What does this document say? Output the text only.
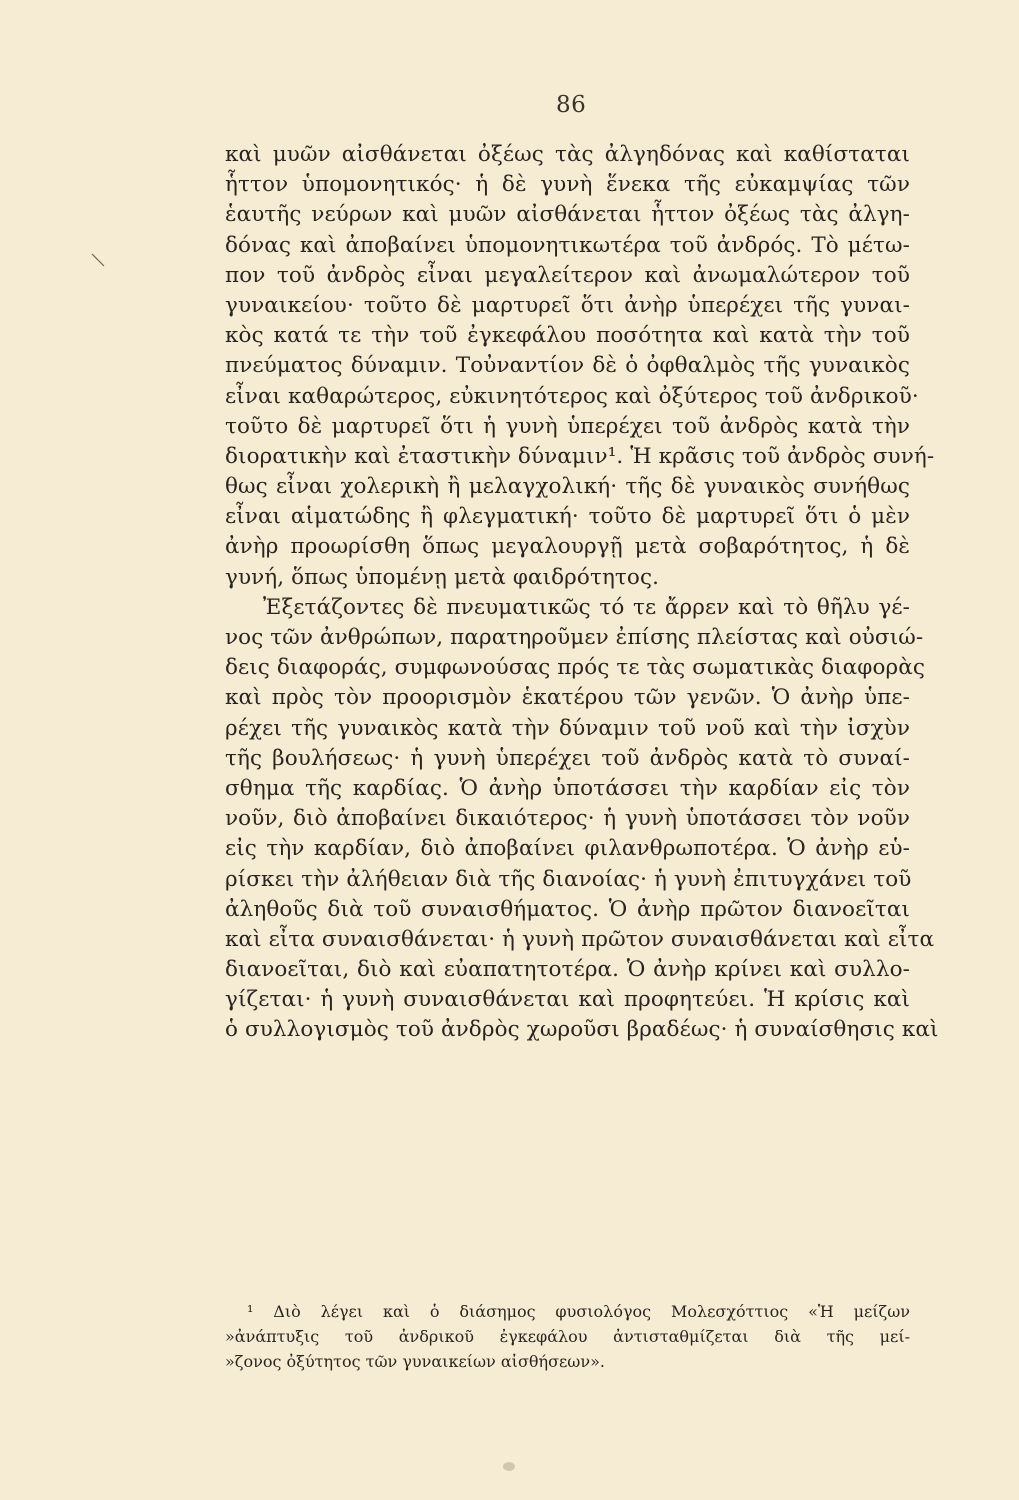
86
καὶ μυῶν αἰσθάνεται ὀξέως τὰς ἀλγηδόνας καὶ καθίσταται
ἧττον ὑπομονητικός· ἡ δὲ γυνὴ ἕνεκα τῆς εὐκαμψίας τῶν
ἑαυτῆς νεύρων καὶ μυῶν αἰσθάνεται ἧττον ὀξέως τὰς ἀλγη-
δόνας καὶ ἀποβαίνει ὑπομονητικωτέρα τοῦ ἀνδρός. Τὸ μέτω-
πον τοῦ ἀνδρὸς εἶναι μεγαλείτερον καὶ ἀνωμαλώτερον τοῦ
γυναικείου· τοῦτο δὲ μαρτυρεῖ ὅτι ἀνὴρ ὑπερέχει τῆς γυναι-
κὸς κατά τε τὴν τοῦ ἐγκεφάλου ποσότητα καὶ κατὰ τὴν τοῦ
πνεύματος δύναμιν. Τοὐναντίον δὲ ὁ ὀφθαλμὸς τῆς γυναικὸς
εἶναι καθαρώτερος, εὐκινητότερος καὶ ὀξύτερος τοῦ ἀνδρικοῦ·
τοῦτο δὲ μαρτυρεῖ ὅτι ἡ γυνὴ ὑπερέχει τοῦ ἀνδρὸς κατὰ τὴν
διορατικὴν καὶ ἐταστικὴν δύναμιν¹. Ἡ κρᾶσις τοῦ ἀνδρὸς συνή-
θως εἶναι χολερικὴ ἢ μελαγχολική· τῆς δὲ γυναικὸς συνήθως
εἶναι αἱματώδης ἢ φλεγματική· τοῦτο δὲ μαρτυρεῖ ὅτι ὁ μὲν
ἀνὴρ προωρίσθη ὅπως μεγαλουργῇ μετὰ σοβαρότητος, ἡ δὲ
γυνή, ὅπως ὑπομένῃ μετὰ φαιδρότητος.
Ἐξετάζοντες δὲ πνευματικῶς τό τε ἄρρεν καὶ τὸ θῆλυ γέ-
νος τῶν ἀνθρώπων, παρατηροῦμεν ἐπίσης πλείστας καὶ οὐσιώ-
δεις διαφοράς, συμφωνούσας πρός τε τὰς σωματικὰς διαφορὰς
καὶ πρὸς τὸν προορισμὸν ἑκατέρου τῶν γενῶν. Ὁ ἀνὴρ ὑπε-
ρέχει τῆς γυναικὸς κατὰ τὴν δύναμιν τοῦ νοῦ καὶ τὴν ἰσχὺν
τῆς βουλήσεως· ἡ γυνὴ ὑπερέχει τοῦ ἀνδρὸς κατὰ τὸ συναί-
σθημα τῆς καρδίας. Ὁ ἀνὴρ ὑποτάσσει τὴν καρδίαν εἰς τὸν
νοῦν, διὸ ἀποβαίνει δικαιότερος· ἡ γυνὴ ὑποτάσσει τὸν νοῦν
εἰς τὴν καρδίαν, διὸ ἀποβαίνει φιλανθρωποτέρα. Ὁ ἀνὴρ εὑ-
ρίσκει τὴν ἀλήθειαν διὰ τῆς διανοίας· ἡ γυνὴ ἐπιτυγχάνει τοῦ
ἀληθοῦς διὰ τοῦ συναισθήματος. Ὁ ἀνὴρ πρῶτον διανοεῖται
καὶ εἶτα συναισθάνεται· ἡ γυνὴ πρῶτον συναισθάνεται καὶ εἶτα
διανοεῖται, διὸ καὶ εὐαπατητοτέρα. Ὁ ἀνὴρ κρίνει καὶ συλλο-
γίζεται· ἡ γυνὴ συναισθάνεται καὶ προφητεύει. Ἡ κρίσις καὶ
ὁ συλλογισμὸς τοῦ ἀνδρὸς χωροῦσι βραδέως· ἡ συναίσθησις καὶ
¹ Διὸ λέγει καὶ ὁ διάσημος φυσιολόγος Μολεσχόττιος «Ἡ μείζων
»ἀνάπτυξις τοῦ ἀνδρικοῦ ἐγκεφάλου ἀντισταθμίζεται διὰ τῆς μεί-
»ζονος ὀξύτητος τῶν γυναικείων αἰσθήσεων».
